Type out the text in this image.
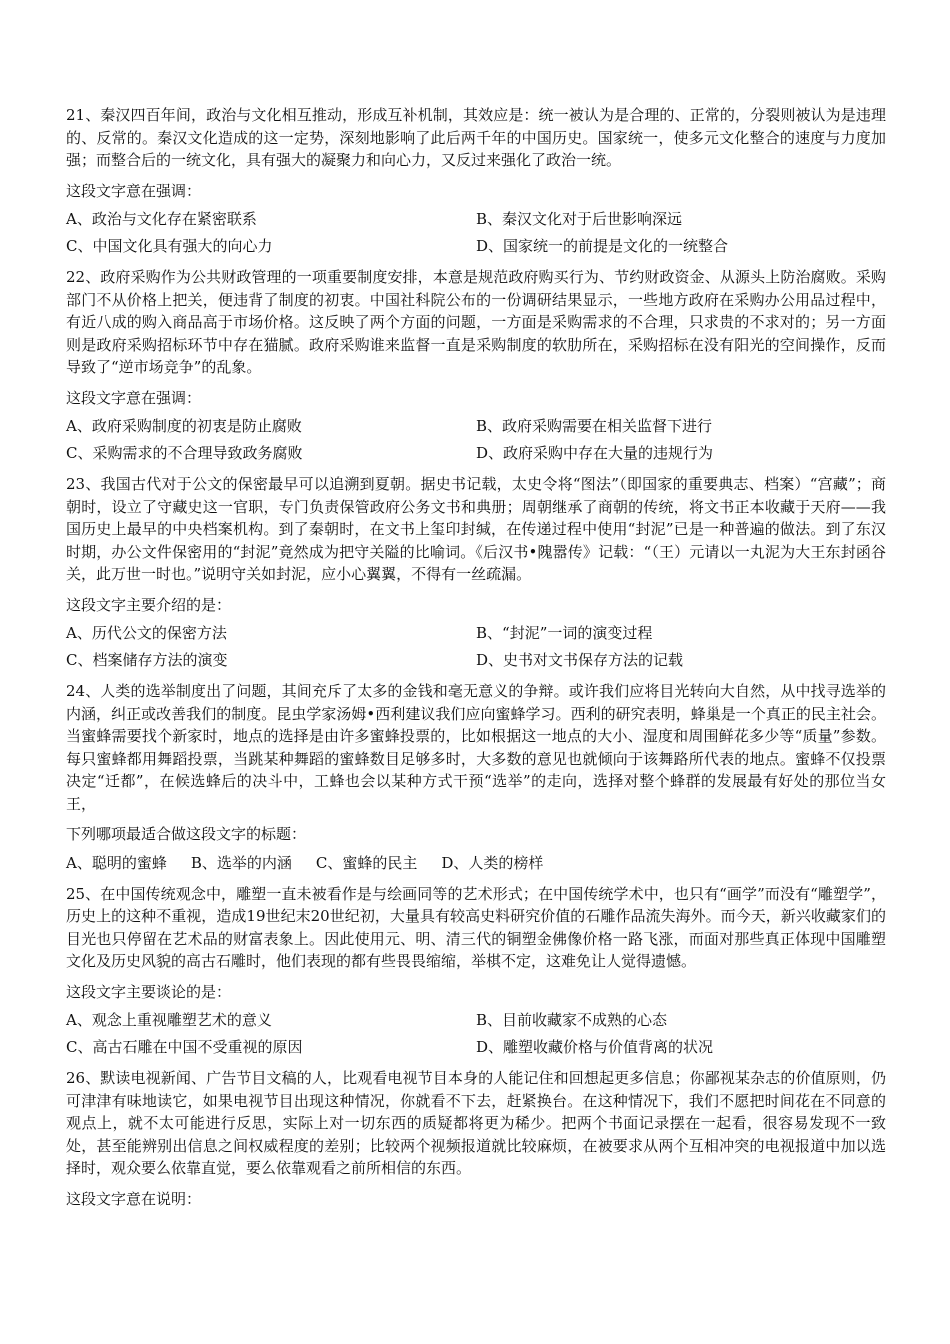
21、秦汉四百年间，政治与文化相互推动，形成互补机制，其效应是：统一被认为是合理的、正常的，分裂则被认为是违理的、反常的。秦汉文化造成的这一定势，深刻地影响了此后两千年的中国历史。国家统一，使多元文化整合的速度与力度加强；而整合后的一统文化，具有强大的凝聚力和向心力，又反过来强化了政治一统。

这段文字意在强调：

A、政治与文化存在紧密联系	B、秦汉文化对于后世影响深远
C、中国文化具有强大的向心力	D、国家统一的前提是文化的一统整合

22、政府采购作为公共财政管理的一项重要制度安排，本意是规范政府购买行为、节约财政资金、从源头上防治腐败。采购部门不从价格上把关，便违背了制度的初衷。中国社科院公布的一份调研结果显示，一些地方政府在采购办公用品过程中，有近八成的购入商品高于市场价格。这反映了两个方面的问题，一方面是采购需求的不合理，只求贵的不求对的；另一方面则是政府采购招标环节中存在猫腻。政府采购谁来监督一直是采购制度的软肋所在，采购招标在没有阳光的空间操作，反而导致了“逆市场竞争”的乱象。

这段文字意在强调：

A、政府采购制度的初衷是防止腐败	B、政府采购需要在相关监督下进行
C、采购需求的不合理导致政务腐败	D、政府采购中存在大量的违规行为

23、我国古代对于公文的保密最早可以追溯到夏朝。据史书记载，太史令将“图法”（即国家的重要典志、档案）“宫藏”；商朝时，设立了守藏史这一官职，专门负责保管政府公务文书和典册；周朝继承了商朝的传统，将文书正本收藏于天府——我国历史上最早的中央档案机构。到了秦朝时，在文书上玺印封缄，在传递过程中使用“封泥”已是一种普遍的做法。到了东汉时期，办公文件保密用的“封泥”竟然成为把守关隘的比喻词。《后汉书•隗嚣传》记载：“（王）元请以一丸泥为大王东封函谷关，此万世一时也。”说明守关如封泥，应小心翼翼，不得有一丝疏漏。

这段文字主要介绍的是：

A、历代公文的保密方法	B、“封泥”一词的演变过程
C、档案储存方法的演变	D、史书对文书保存方法的记载

24、人类的选举制度出了问题，其间充斥了太多的金钱和毫无意义的争辩。或许我们应将目光转向大自然，从中找寻选举的内涵，纠正或改善我们的制度。昆虫学家汤姆•西利建议我们应向蜜蜂学习。西利的研究表明，蜂巢是一个真正的民主社会。当蜜蜂需要找个新家时，地点的选择是由许多蜜蜂投票的，比如根据这一地点的大小、湿度和周围鲜花多少等“质量”参数。每只蜜蜂都用舞蹈投票，当跳某种舞蹈的蜜蜂数目足够多时，大多数的意见也就倾向于该舞路所代表的地点。蜜蜂不仅投票决定“迁都”，在候选蜂后的决斗中，工蜂也会以某种方式干预“选举”的走向，选择对整个蜂群的发展最有好处的那位当女王，

下列哪项最适合做这段文字的标题：

A、聪明的蜜蜂 B、选举的内涵 C、蜜蜂的民主 D、人类的榜样

25、在中国传统观念中，雕塑一直未被看作是与绘画同等的艺术形式；在中国传统学术中，也只有“画学”而没有“雕塑学”，历史上的这种不重视，造成19世纪末20世纪初，大量具有较高史料研究价值的石雕作品流失海外。而今天，新兴收藏家们的目光也只停留在艺术品的财富表象上。因此使用元、明、清三代的铜塑金佛像价格一路飞涨，而面对那些真正体现中国雕塑文化及历史风貌的高古石雕时，他们表现的都有些畏畏缩缩，举棋不定，这难免让人觉得遗憾。

这段文字主要谈论的是：

A、观念上重视雕塑艺术的意义	B、目前收藏家不成熟的心态
C、高古石雕在中国不受重视的原因	D、雕塑收藏价格与价值背离的状况

26、默读电视新闻、广告节目文稿的人，比观看电视节目本身的人能记住和回想起更多信息；你鄙视某杂志的价值原则，仍可津津有味地读它，如果电视节目出现这种情况，你就看不下去，赶紧换台。在这种情况下，我们不愿把时间花在不同意的观点上，就不太可能进行反思，实际上对一切东西的质疑都将更为稀少。把两个书面记录摆在一起看，很容易发现不一致处，甚至能辨别出信息之间权威程度的差别；比较两个视频报道就比较麻烦，在被要求从两个互相冲突的电视报道中加以选择时，观众要么依靠直觉，要么依靠观看之前所相信的东西。

这段文字意在说明：
